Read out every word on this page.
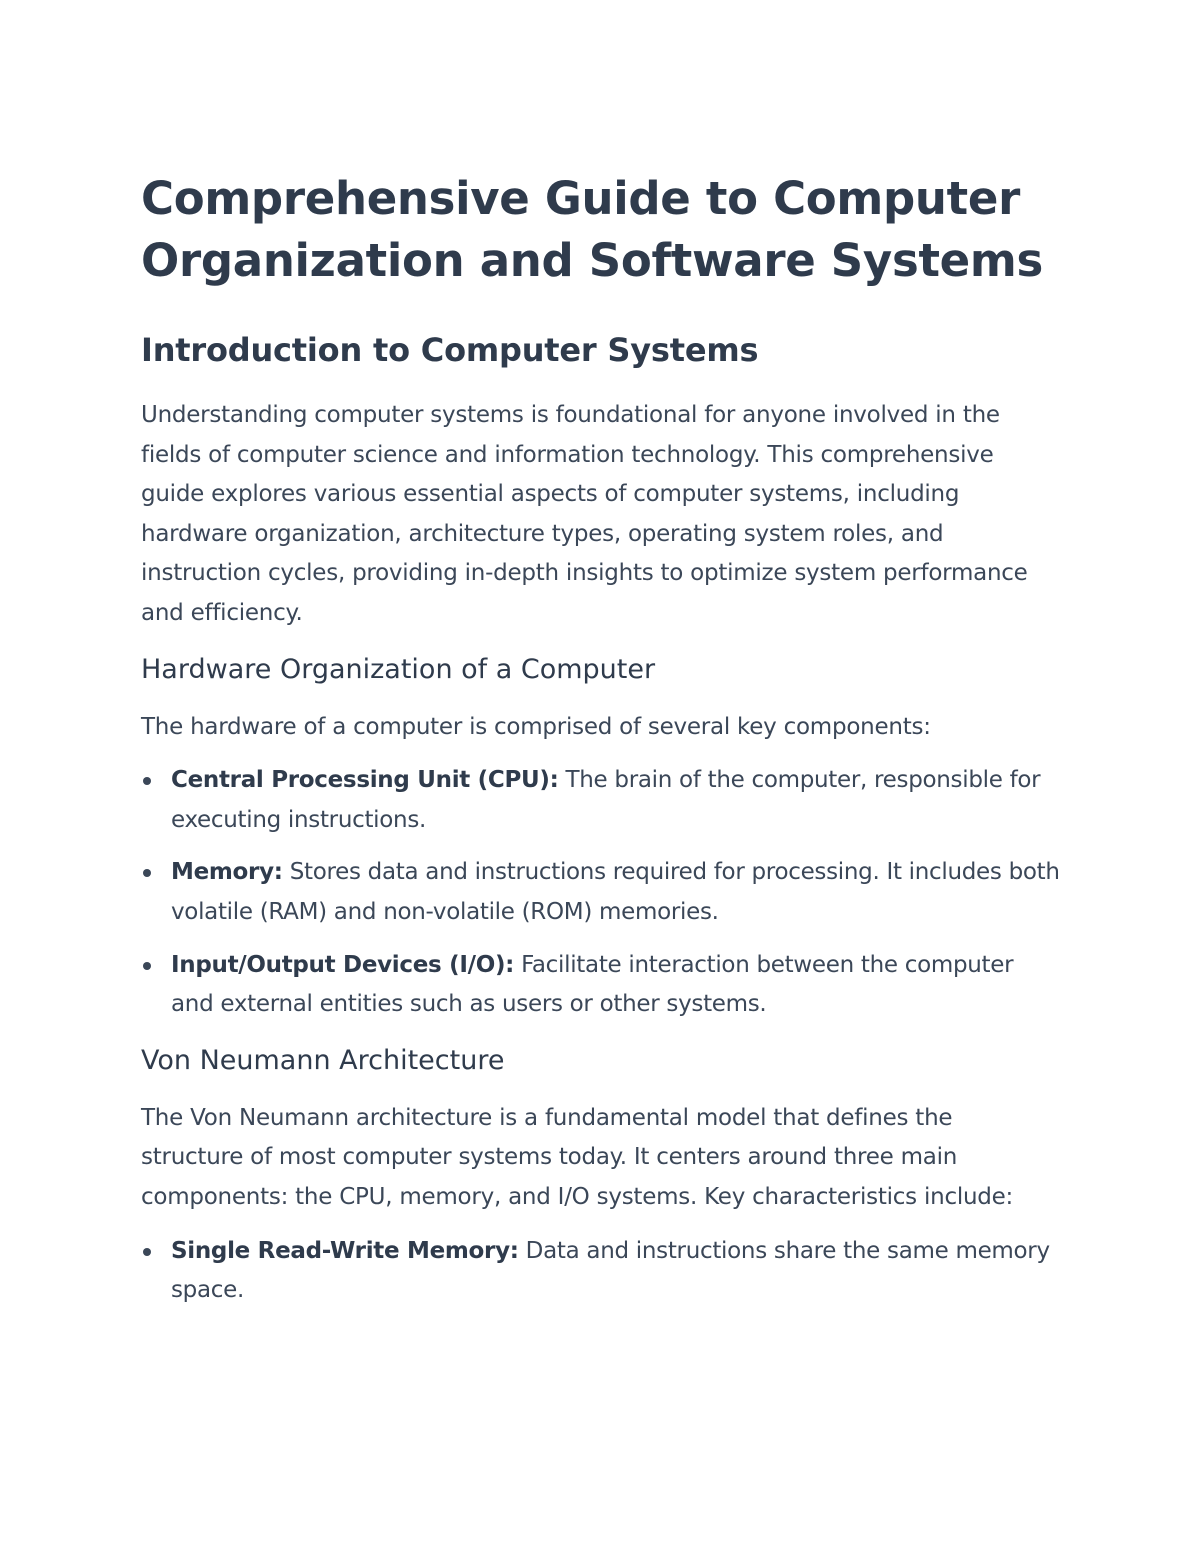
Comprehensive Guide to Computer
Organization and Software Systems
Introduction to Computer Systems

Understanding computer systems is foundational for anyone involved in the fields of computer science and information technology. This comprehensive guide explores various essential aspects of computer systems, including hardware organization, architecture types, operating system roles, and instruction cycles, providing in-depth insights to optimize system performance and efficiency.

Hardware Organization of a Computer

The hardware of a computer is comprised of several key components:

Central Processing Unit (CPU): The brain of the computer, responsible for executing instructions.
Memory: Stores data and instructions required for processing. It includes both volatile (RAM) and non-volatile (ROM) memories.
Input/Output Devices (I/O): Facilitate interaction between the computer and external entities such as users or other systems.
Von Neumann Architecture

The Von Neumann architecture is a fundamental model that defines the structure of most computer systems today. It centers around three main components: the CPU, memory, and I/O systems. Key characteristics include:

Single Read-Write Memory: Data and instructions share the same memory space.
